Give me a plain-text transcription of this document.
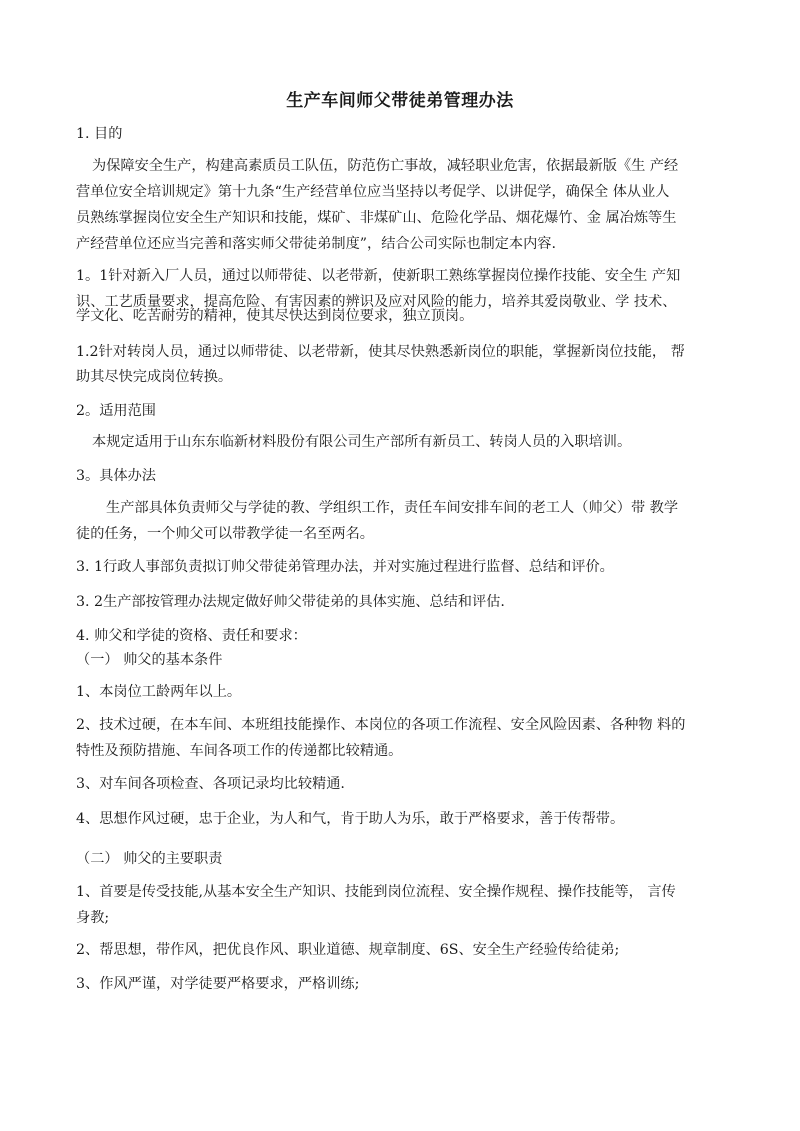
生产车间师父带徒弟管理办法
1. 目的
为保障安全生产，构建高素质员工队伍，防范伤亡事故，减轻职业危害，依据最新版《生 产经
营单位安全培训规定》第十九条“生产经营单位应当坚持以考促学、以讲促学，确保全 体从业人
员熟练掌握岗位安全生产知识和技能，煤矿、非煤矿山、危险化学品、烟花爆竹、金 属冶炼等生
产经营单位还应当完善和落实师父带徒弟制度”，结合公司实际也制定本内容.
1。1针对新入厂人员，通过以师带徒、以老带新，使新职工熟练掌握岗位操作技能、安全生 产知
识、工艺质量要求，提高危险、有害因素的辨识及应对风险的能力，培养其爱岗敬业、学 技术、
学文化、吃苦耐劳的精神，使其尽快达到岗位要求，独立顶岗。
1.2针对转岗人员，通过以师带徒、以老带新，使其尽快熟悉新岗位的职能，掌握新岗位技能， 帮
助其尽快完成岗位转换。
2。适用范围
本规定适用于山东东临新材料股份有限公司生产部所有新员工、转岗人员的入职培训。
3。具体办法
生产部具体负责师父与学徒的教、学组织工作，责任车间安排车间的老工人（帅父）带 教学
徒的任务，一个帅父可以带教学徒一名至两名。
3. 1行政人事部负责拟订帅父带徒弟管理办法，并对实施过程进行监督、总结和评价。
3. 2生产部按管理办法规定做好帅父带徒弟的具体实施、总结和评估.
4. 帅父和学徒的资格、责任和要求：
（一） 帅父的基本条件
1、本岗位工龄两年以上。
2、技术过硬，在本车间、本班组技能操作、本岗位的各项工作流程、安全风险因素、各种物 料的
特性及预防措施、车间各项工作的传递都比较精通。
3、对车间各项检查、各项记录均比较精通.
4、思想作风过硬，忠于企业，为人和气，肯于助人为乐，敢于严格要求，善于传帮带。
（二） 帅父的主要职责
1、首要是传受技能,从基本安全生产知识、技能到岗位流程、安全操作规程、操作技能等， 言传
身教;
2、帮思想，带作风，把优良作风、职业道德、规章制度、6S、安全生产经验传给徒弟;
3、作风严谨，对学徒要严格要求，严格训练;
